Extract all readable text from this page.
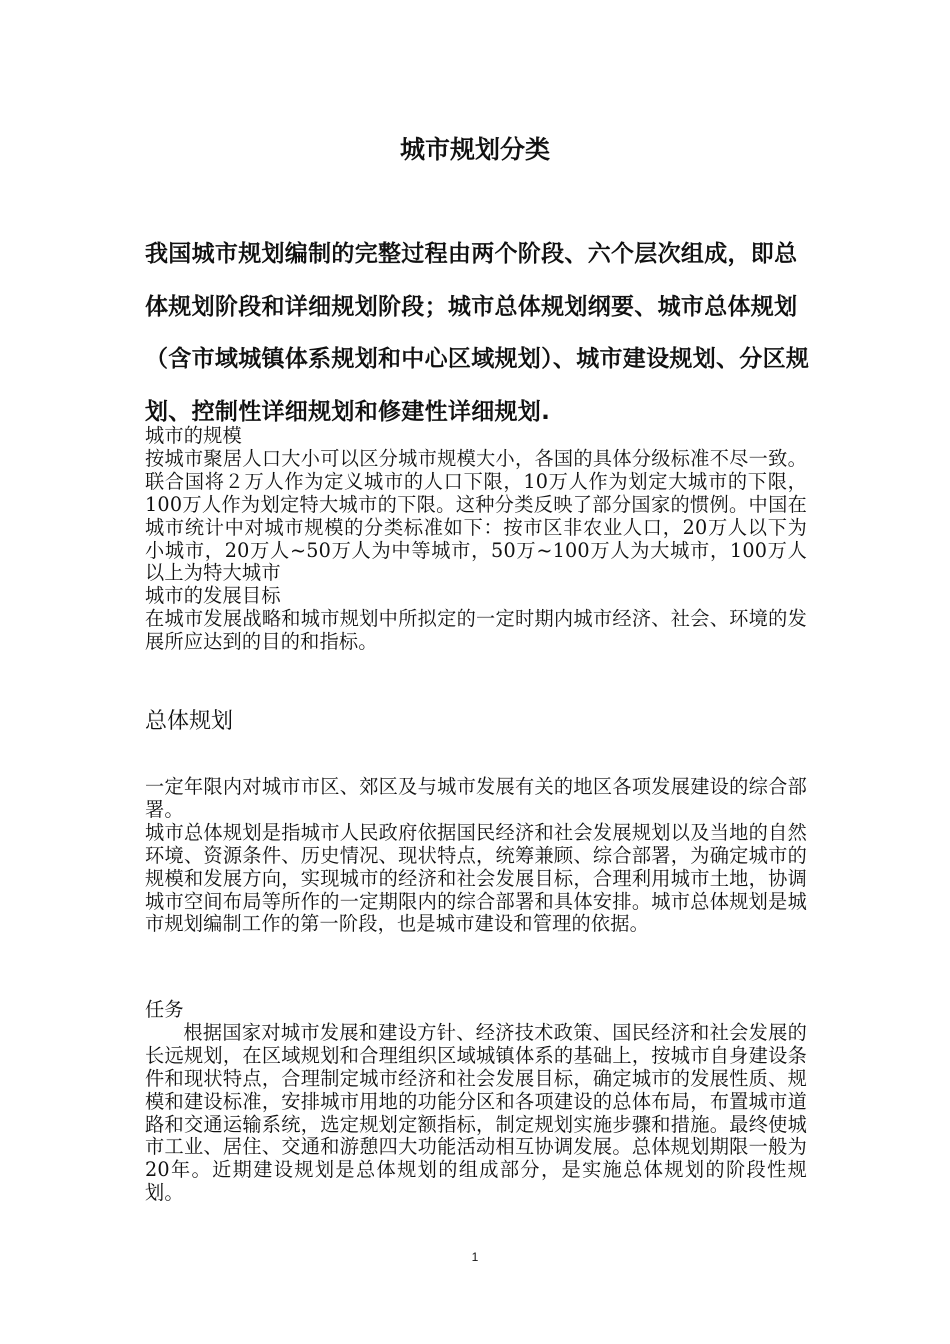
城市规划分类
我国城市规划编制的完整过程由两个阶段、六个层次组成，即总体规划阶段和详细规划阶段；城市总体规划纲要、城市总体规划（含市域城镇体系规划和中心区域规划）、城市建设规划、分区规划、控制性详细规划和修建性详细规划.
城市的规模
按城市聚居人口大小可以区分城市规模大小，各国的具体分级标准不尽一致。联合国将２万人作为定义城市的人口下限，10万人作为划定大城市的下限，100万人作为划定特大城市的下限。这种分类反映了部分国家的惯例。中国在城市统计中对城市规模的分类标准如下：按市区非农业人口，20万人以下为小城市，20万人~50万人为中等城市，50万~100万人为大城市，100万人以上为特大城市
城市的发展目标
在城市发展战略和城市规划中所拟定的一定时期内城市经济、社会、环境的发展所应达到的目的和指标。
总体规划
一定年限内对城市市区、郊区及与城市发展有关的地区各项发展建设的综合部署。
城市总体规划是指城市人民政府依据国民经济和社会发展规划以及当地的自然环境、资源条件、历史情况、现状特点，统筹兼顾、综合部署，为确定城市的规模和发展方向，实现城市的经济和社会发展目标，合理利用城市土地，协调城市空间布局等所作的一定期限内的综合部署和具体安排。城市总体规划是城市规划编制工作的第一阶段，也是城市建设和管理的依据。
任务
根据国家对城市发展和建设方针、经济技术政策、国民经济和社会发展的长远规划，在区域规划和合理组织区域城镇体系的基础上，按城市自身建设条件和现状特点，合理制定城市经济和社会发展目标，确定城市的发展性质、规模和建设标准，安排城市用地的功能分区和各项建设的总体布局，布置城市道路和交通运输系统，选定规划定额指标，制定规划实施步骤和措施。最终使城市工业、居住、交通和游憩四大功能活动相互协调发展。总体规划期限一般为20年。近期建设规划是总体规划的组成部分，是实施总体规划的阶段性规划。
1
